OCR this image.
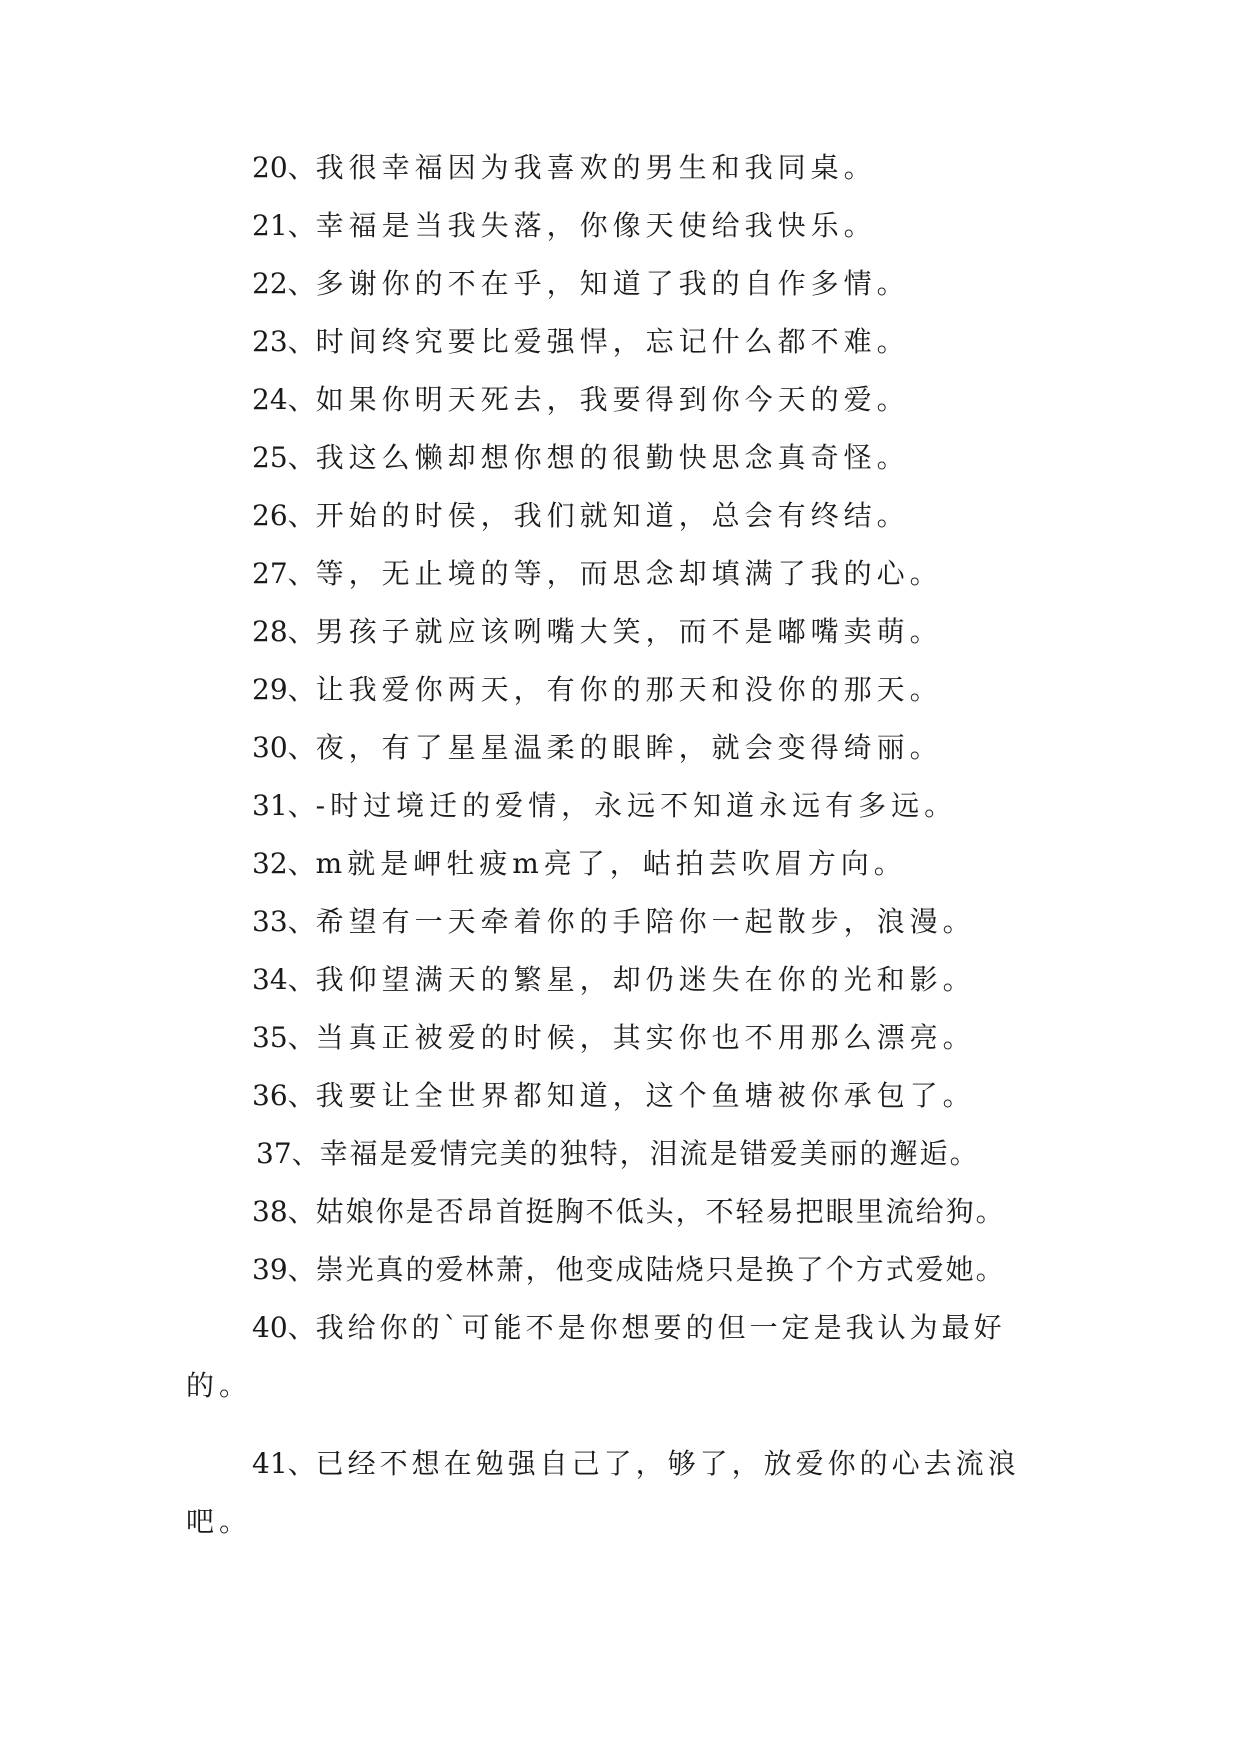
20、我很幸福因为我喜欢的男生和我同桌。
21、幸福是当我失落，你像天使给我快乐。
22、多谢你的不在乎，知道了我的自作多情。
23、时间终究要比爱强悍，忘记什么都不难。
24、如果你明天死去，我要得到你今天的爱。
25、我这么懒却想你想的很勤快思念真奇怪。
26、开始的时侯，我们就知道，总会有终结。
27、等，无止境的等，而思念却填满了我的心。
28、男孩子就应该咧嘴大笑，而不是嘟嘴卖萌。
29、让我爱你两天，有你的那天和没你的那天。
30、夜，有了星星温柔的眼眸，就会变得绮丽。
31、-时过境迁的爱情，永远不知道永远有多远。
32、m就是岬牡疲m亮了，岵拍芸吹眉方向。
33、希望有一天牵着你的手陪你一起散步，浪漫。
34、我仰望满天的繁星，却仍迷失在你的光和影。
35、当真正被爱的时候，其实你也不用那么漂亮。
36、我要让全世界都知道，这个鱼塘被你承包了。
37、幸福是爱情完美的独特，泪流是错爱美丽的邂逅。
38、姑娘你是否昂首挺胸不低头，不轻易把眼里流给狗。
39、崇光真的爱林萧，他变成陆烧只是换了个方式爱她。
40、我给你的`可能不是你想要的但一定是我认为最好
的。
41、已经不想在勉强自己了，够了，放爱你的心去流浪
吧。
